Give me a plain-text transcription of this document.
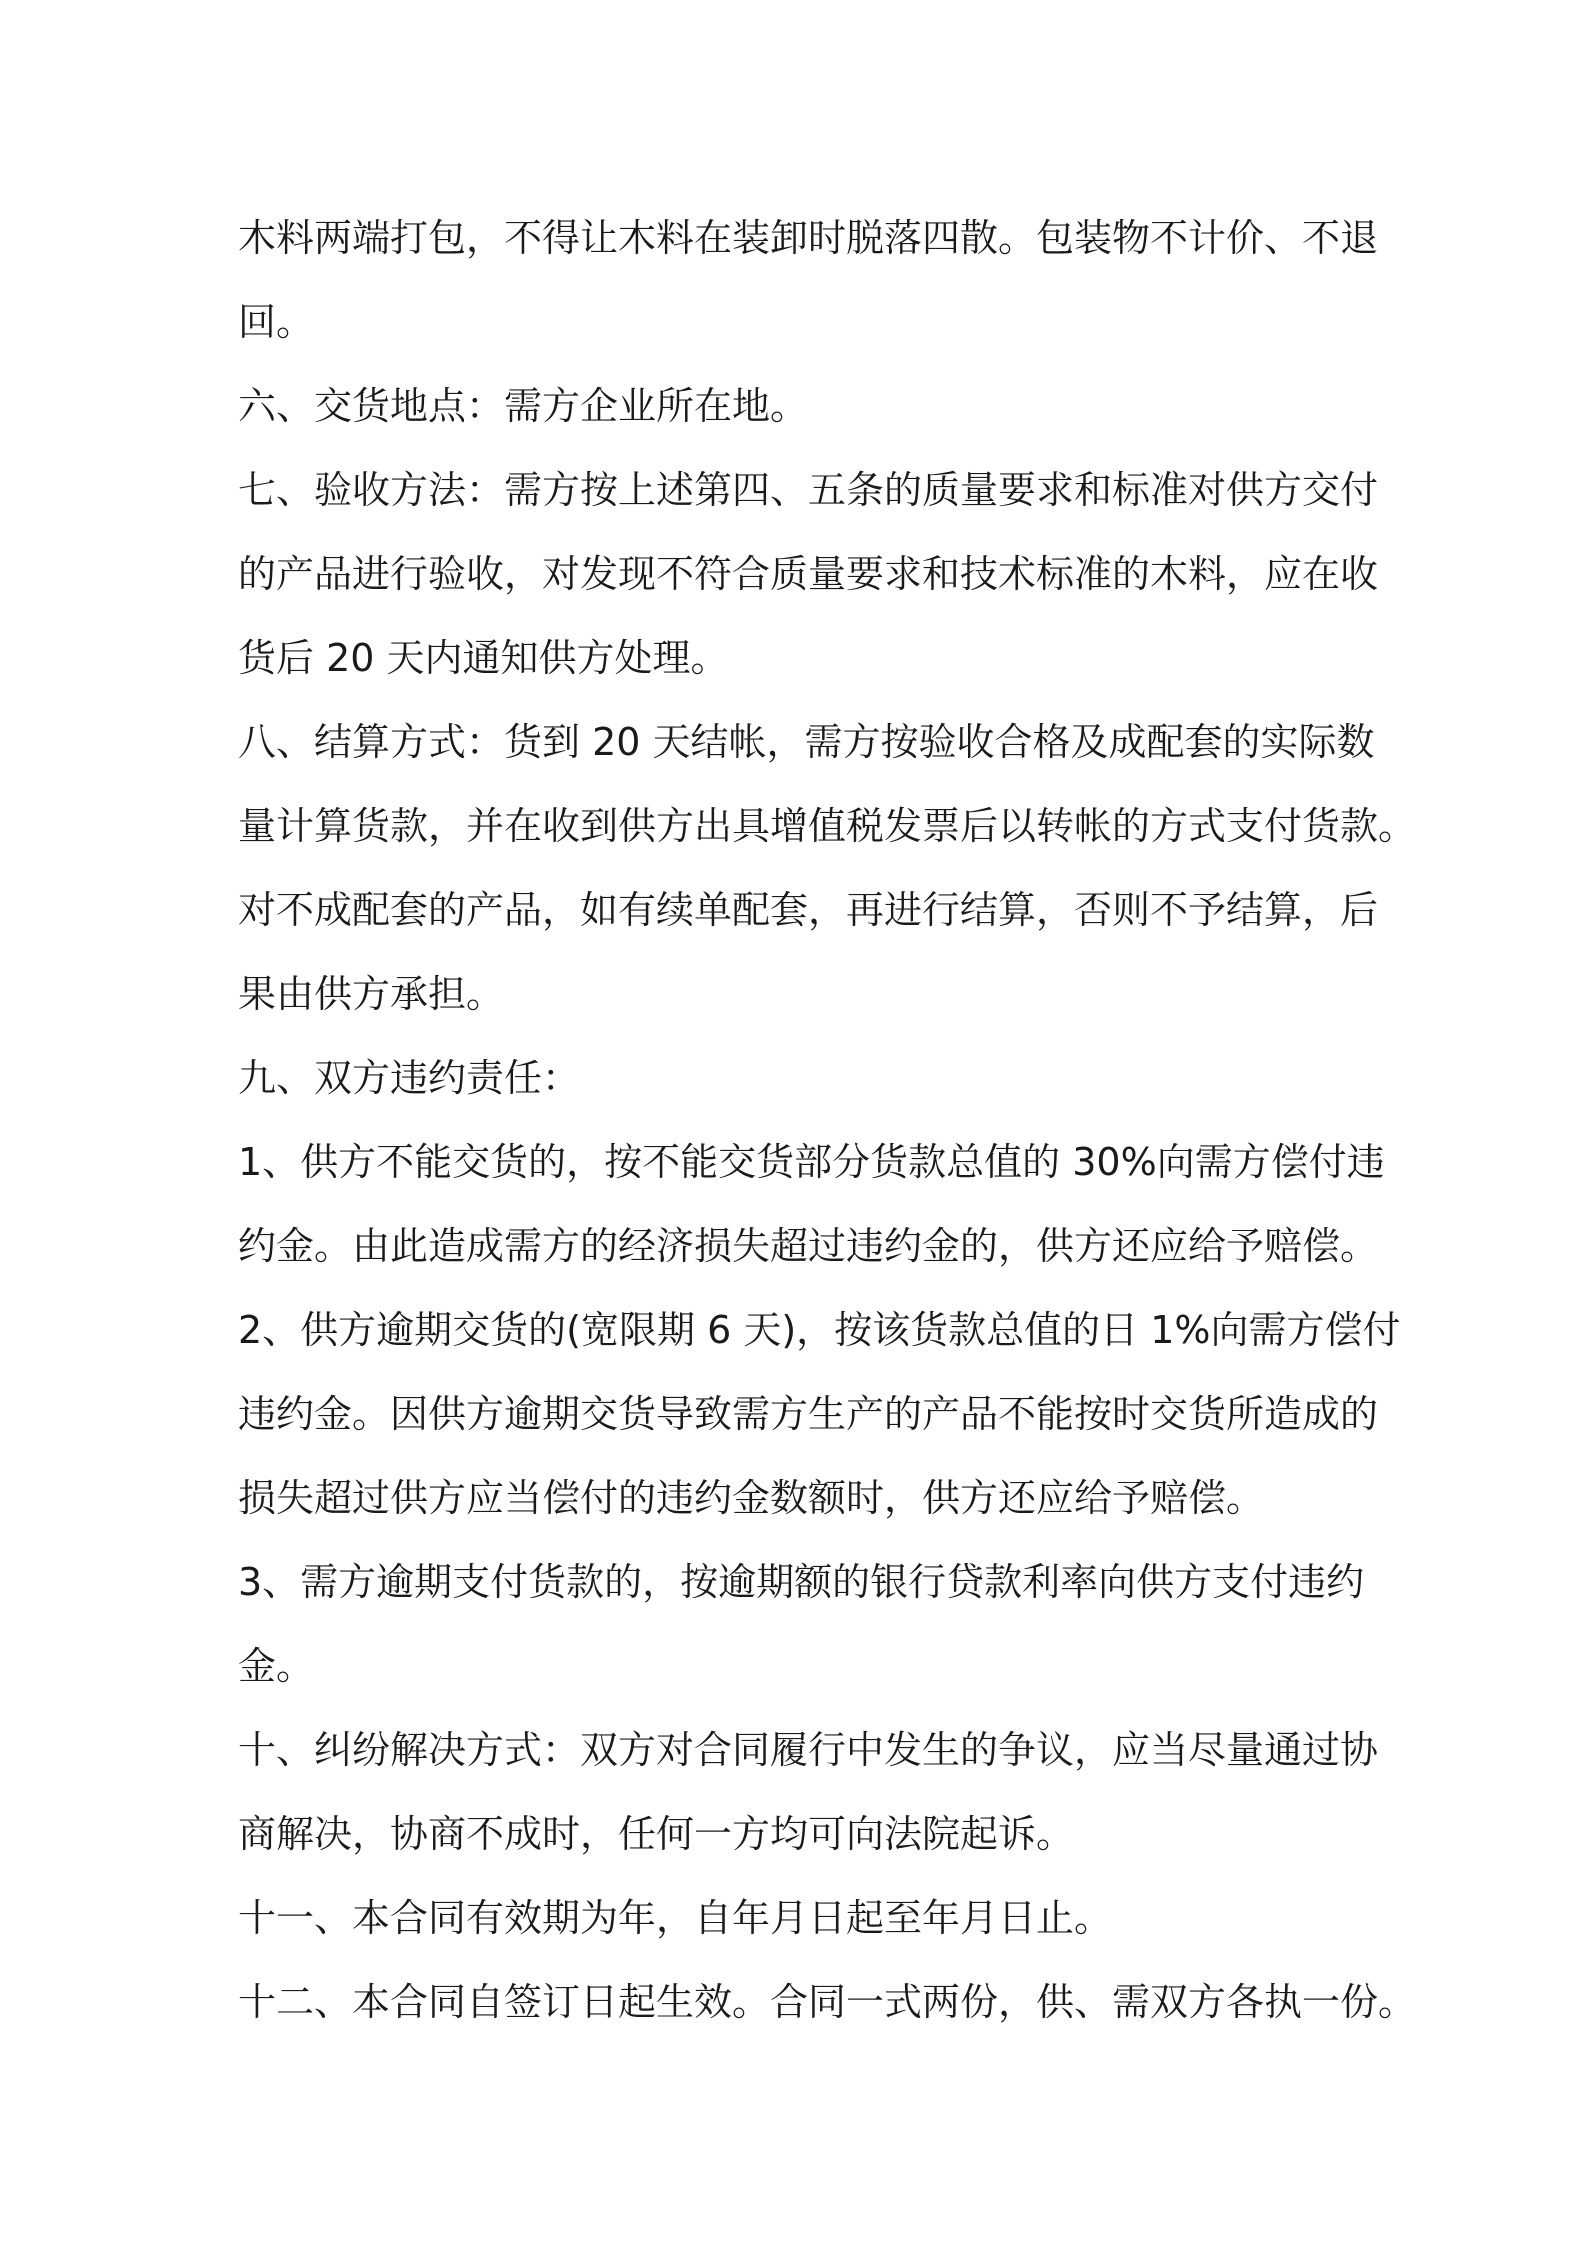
木料两端打包，不得让木料在装卸时脱落四散。包装物不计价、不退
回。
六、交货地点：需方企业所在地。
七、验收方法：需方按上述第四、五条的质量要求和标准对供方交付
的产品进行验收，对发现不符合质量要求和技术标准的木料，应在收
货后 20 天内通知供方处理。
八、结算方式：货到 20 天结帐，需方按验收合格及成配套的实际数
量计算货款，并在收到供方出具增值税发票后以转帐的方式支付货款。
对不成配套的产品，如有续单配套，再进行结算，否则不予结算，后
果由供方承担。
九、双方违约责任：
1、供方不能交货的，按不能交货部分货款总值的 30%向需方偿付违
约金。由此造成需方的经济损失超过违约金的，供方还应给予赔偿。
2、供方逾期交货的(宽限期 6 天)，按该货款总值的日 1%向需方偿付
违约金。因供方逾期交货导致需方生产的产品不能按时交货所造成的
损失超过供方应当偿付的违约金数额时，供方还应给予赔偿。
3、需方逾期支付货款的，按逾期额的银行贷款利率向供方支付违约
金。
十、纠纷解决方式：双方对合同履行中发生的争议，应当尽量通过协
商解决，协商不成时，任何一方均可向法院起诉。
十一、本合同有效期为年，自年月日起至年月日止。
十二、本合同自签订日起生效。合同一式两份，供、需双方各执一份。
